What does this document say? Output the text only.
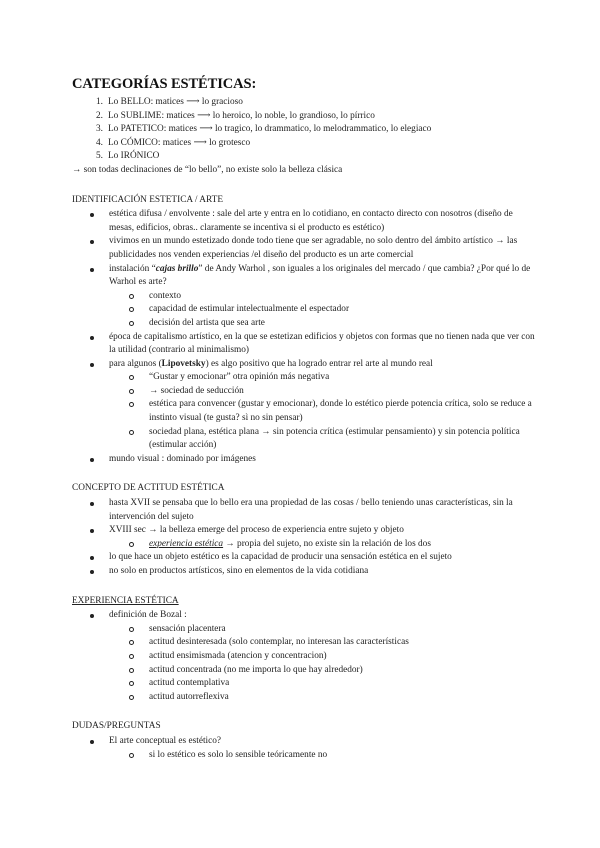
CATEGORÍAS ESTÉTICAS:
1. Lo BELLO: matices ⟶ lo gracioso
2. Lo SUBLIME: matices ⟶ lo heroico, lo noble, lo grandioso, lo pírrico
3. Lo PATETICO: matices ⟶ lo tragico, lo drammatico, lo melodrammatico, lo elegiaco
4. Lo CÓMICO: matices ⟶ lo grotesco
5. Lo IRÓNICO

→ son todas declinaciones de “lo bello”, no existe solo la belleza clásica

IDENTIFICACIÓN ESTETICA / ARTE

estética difusa / envolvente : sale del arte y entra en lo cotidiano, en contacto directo con nosotros (diseño de mesas, edificios, obras.. claramente se incentiva si el producto es estético)
vivimos en un mundo estetizado donde todo tiene que ser agradable, no solo dentro del ámbito artístico → las publicidades nos venden experiencias /el diseño del producto es un arte comercial
instalación “cajas brillo” de Andy Warhol , son iguales a los originales del mercado / que cambia? ¿Por qué lo de Warhol es arte?
contexto
capacidad de estimular intelectualmente el espectador
decisión del artista que sea arte
época de capitalismo artístico, en la que se estetizan edificios y objetos con formas que no tienen nada que ver con la utilidad (contrario al minimalismo)
para algunos (Lipovetsky) es algo positivo que ha logrado entrar rel arte al mundo real
“Gustar y emocionar” otra opinión más negativa
→ sociedad de seducción
estética para convencer (gustar y emocionar), donde lo estético pierde potencia crítica, solo se reduce a instinto visual (te gusta? sì no sin pensar)
sociedad plana, estética plana → sin potencia crítica (estimular pensamiento) y sin potencia política (estimular acción)
mundo visual : dominado por imágenes

CONCEPTO DE ACTITUD ESTÉTICA

hasta XVII se pensaba que lo bello era una propiedad de las cosas / bello teniendo unas características, sin la intervención del sujeto
XVIII sec → la belleza emerge del proceso de experiencia entre sujeto y objeto
experiencia estética → propia del sujeto, no existe sin la relación de los dos
lo que hace un objeto estético es la capacidad de producir una sensación estética en el sujeto
no solo en productos artísticos, sino en elementos de la vida cotidiana

EXPERIENCIA ESTÉTICA

definición de Bozal :
sensación placentera
actitud desinteresada (solo contemplar, no interesan las características
actitud ensimismada (atencion y concentracion)
actitud concentrada (no me importa lo que hay alrededor)
actitud contemplativa
actitud autorreflexiva

DUDAS/PREGUNTAS

El arte conceptual es estético?
si lo estético es solo lo sensible teóricamente no
